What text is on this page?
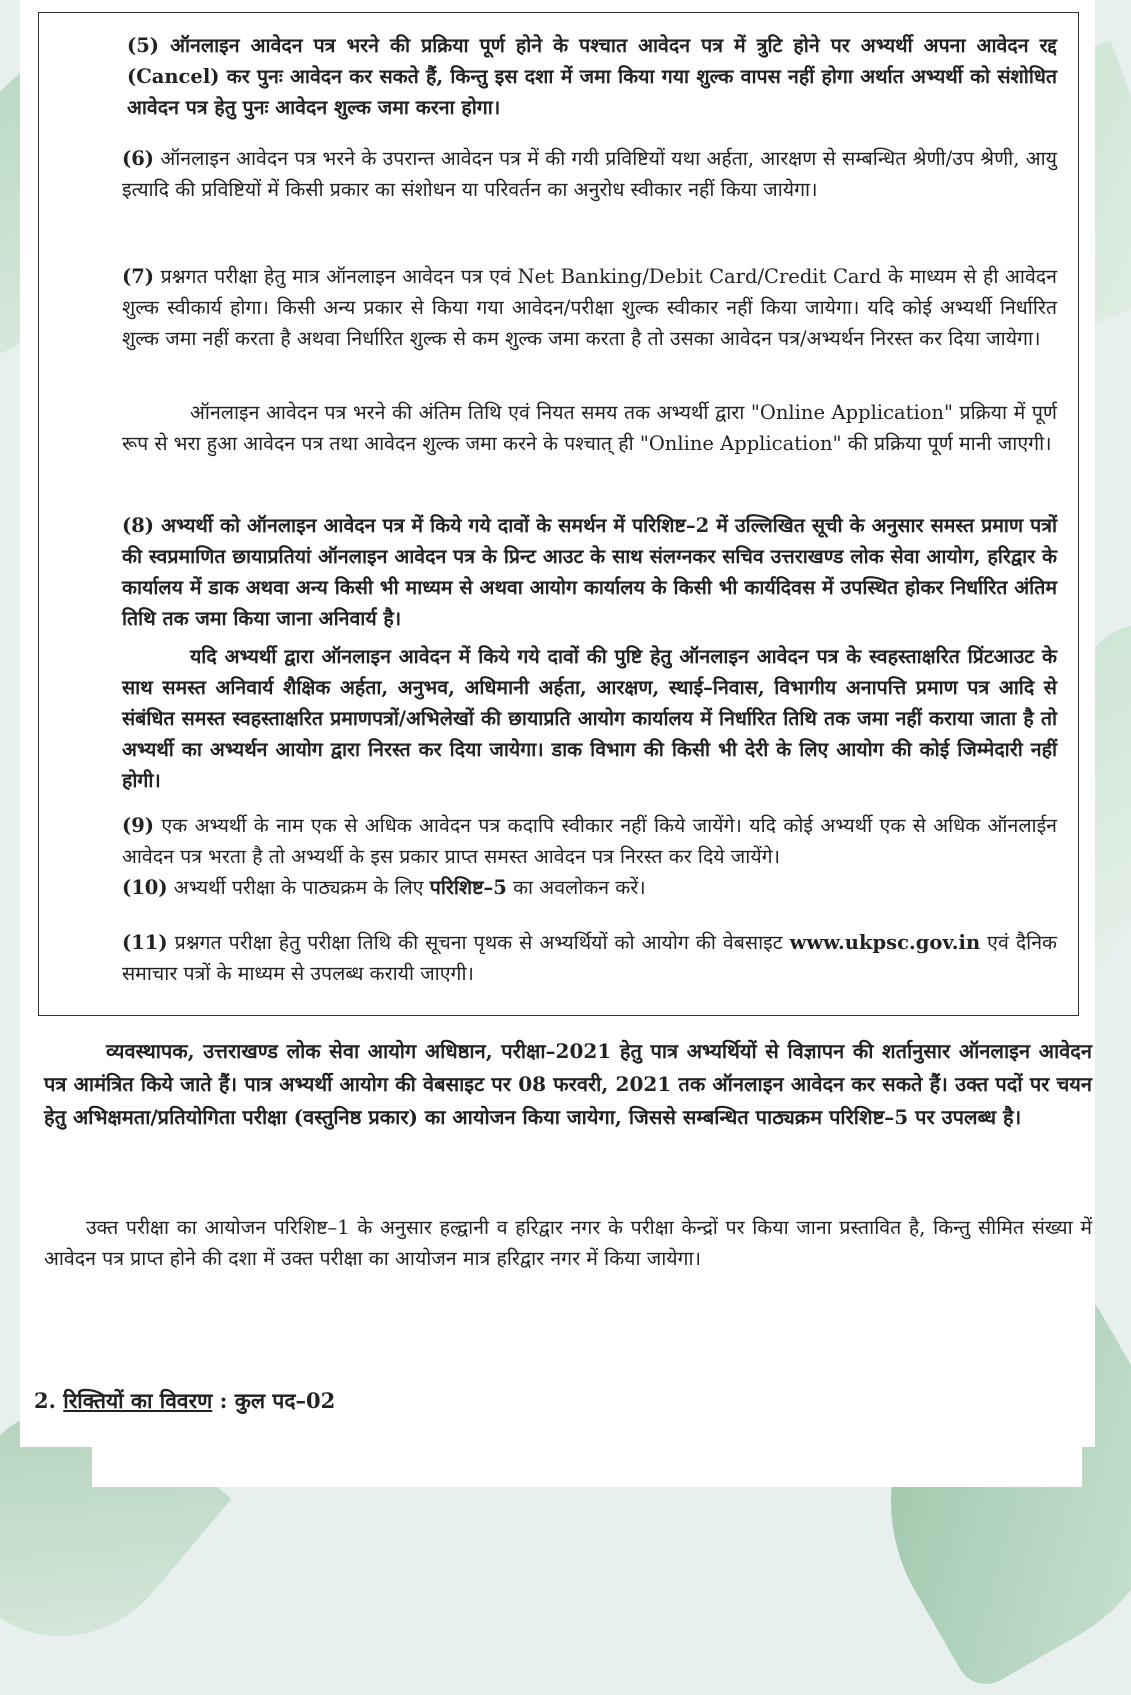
(5) ऑनलाइन आवेदन पत्र भरने की प्रक्रिया पूर्ण होने के पश्चात आवेदन पत्र में त्रुटि होने पर अभ्यर्थी अपना आवेदन रद्द (Cancel) कर पुनः आवेदन कर सकते हैं, किन्तु इस दशा में जमा किया गया शुल्क वापस नहीं होगा अर्थात अभ्यर्थी को संशोधित आवेदन पत्र हेतु पुनः आवेदन शुल्क जमा करना होगा।

(6) ऑनलाइन आवेदन पत्र भरने के उपरान्त आवेदन पत्र में की गयी प्रविष्टियों यथा अर्हता, आरक्षण से सम्बन्धित श्रेणी/उप श्रेणी, आयु इत्यादि की प्रविष्टियों में किसी प्रकार का संशोधन या परिवर्तन का अनुरोध स्वीकार नहीं किया जायेगा।

(7) प्रश्नगत परीक्षा हेतु मात्र ऑनलाइन आवेदन पत्र एवं Net Banking/Debit Card/Credit Card के माध्यम से ही आवेदन शुल्क स्वीकार्य होगा। किसी अन्य प्रकार से किया गया आवेदन/परीक्षा शुल्क स्वीकार नहीं किया जायेगा। यदि कोई अभ्यर्थी निर्धारित शुल्क जमा नहीं करता है अथवा निर्धारित शुल्क से कम शुल्क जमा करता है तो उसका आवेदन पत्र/अभ्यर्थन निरस्त कर दिया जायेगा।

ऑनलाइन आवेदन पत्र भरने की अंतिम तिथि एवं नियत समय तक अभ्यर्थी द्वारा "Online Application" प्रक्रिया में पूर्ण रूप से भरा हुआ आवेदन पत्र तथा आवेदन शुल्क जमा करने के पश्चात् ही "Online Application" की प्रक्रिया पूर्ण मानी जाएगी।

(8) अभ्यर्थी को ऑनलाइन आवेदन पत्र में किये गये दावों के समर्थन में परिशिष्ट–2 में उल्लिखित सूची के अनुसार समस्त प्रमाण पत्रों की स्वप्रमाणित छायाप्रतियां ऑनलाइन आवेदन पत्र के प्रिन्ट आउट के साथ संलग्नकर सचिव उत्तराखण्ड लोक सेवा आयोग, हरिद्वार के कार्यालय में डाक अथवा अन्य किसी भी माध्यम से अथवा आयोग कार्यालय के किसी भी कार्यदिवस में उपस्थित होकर निर्धारित अंतिम तिथि तक जमा किया जाना अनिवार्य है।

यदि अभ्यर्थी द्वारा ऑनलाइन आवेदन में किये गये दावों की पुष्टि हेतु ऑनलाइन आवेदन पत्र के स्वहस्ताक्षरित प्रिंटआउट के साथ समस्त अनिवार्य शैक्षिक अर्हता, अनुभव, अधिमानी अर्हता, आरक्षण, स्थाई–निवास, विभागीय अनापत्ति प्रमाण पत्र आदि से संबंधित समस्त स्वहस्ताक्षरित प्रमाणपत्रों/अभिलेखों की छायाप्रति आयोग कार्यालय में निर्धारित तिथि तक जमा नहीं कराया जाता है तो अभ्यर्थी का अभ्यर्थन आयोग द्वारा निरस्त कर दिया जायेगा। डाक विभाग की किसी भी देरी के लिए आयोग की कोई जिम्मेदारी नहीं होगी।

(9) एक अभ्यर्थी के नाम एक से अधिक आवेदन पत्र कदापि स्वीकार नहीं किये जायेंगे। यदि कोई अभ्यर्थी एक से अधिक ऑनलाईन आवेदन पत्र भरता है तो अभ्यर्थी के इस प्रकार प्राप्त समस्त आवेदन पत्र निरस्त कर दिये जायेंगे।

(10) अभ्यर्थी परीक्षा के पाठ्यक्रम के लिए परिशिष्ट–5 का अवलोकन करें।

(11) प्रश्नगत परीक्षा हेतु परीक्षा तिथि की सूचना पृथक से अभ्यर्थियों को आयोग की वेबसाइट www.ukpsc.gov.in एवं दैनिक समाचार पत्रों के माध्यम से उपलब्ध करायी जाएगी।

व्यवस्थापक, उत्तराखण्ड लोक सेवा आयोग अधिष्ठान, परीक्षा–2021 हेतु पात्र अभ्यर्थियों से विज्ञापन की शर्तानुसार ऑनलाइन आवेदन पत्र आमंत्रित किये जाते हैं। पात्र अभ्यर्थी आयोग की वेबसाइट पर 08 फरवरी, 2021 तक ऑनलाइन आवेदन कर सकते हैं। उक्त पदों पर चयन हेतु अभिक्षमता/प्रतियोगिता परीक्षा (वस्तुनिष्ठ प्रकार) का आयोजन किया जायेगा, जिससे सम्बन्धित पाठ्यक्रम परिशिष्ट–5 पर उपलब्ध है।

उक्त परीक्षा का आयोजन परिशिष्ट–1 के अनुसार हल्द्वानी व हरिद्वार नगर के परीक्षा केन्द्रों पर किया जाना प्रस्तावित है, किन्तु सीमित संख्या में आवेदन पत्र प्राप्त होने की दशा में उक्त परीक्षा का आयोजन मात्र हरिद्वार नगर में किया जायेगा।

2. रिक्तियों का विवरण : कुल पद–02
